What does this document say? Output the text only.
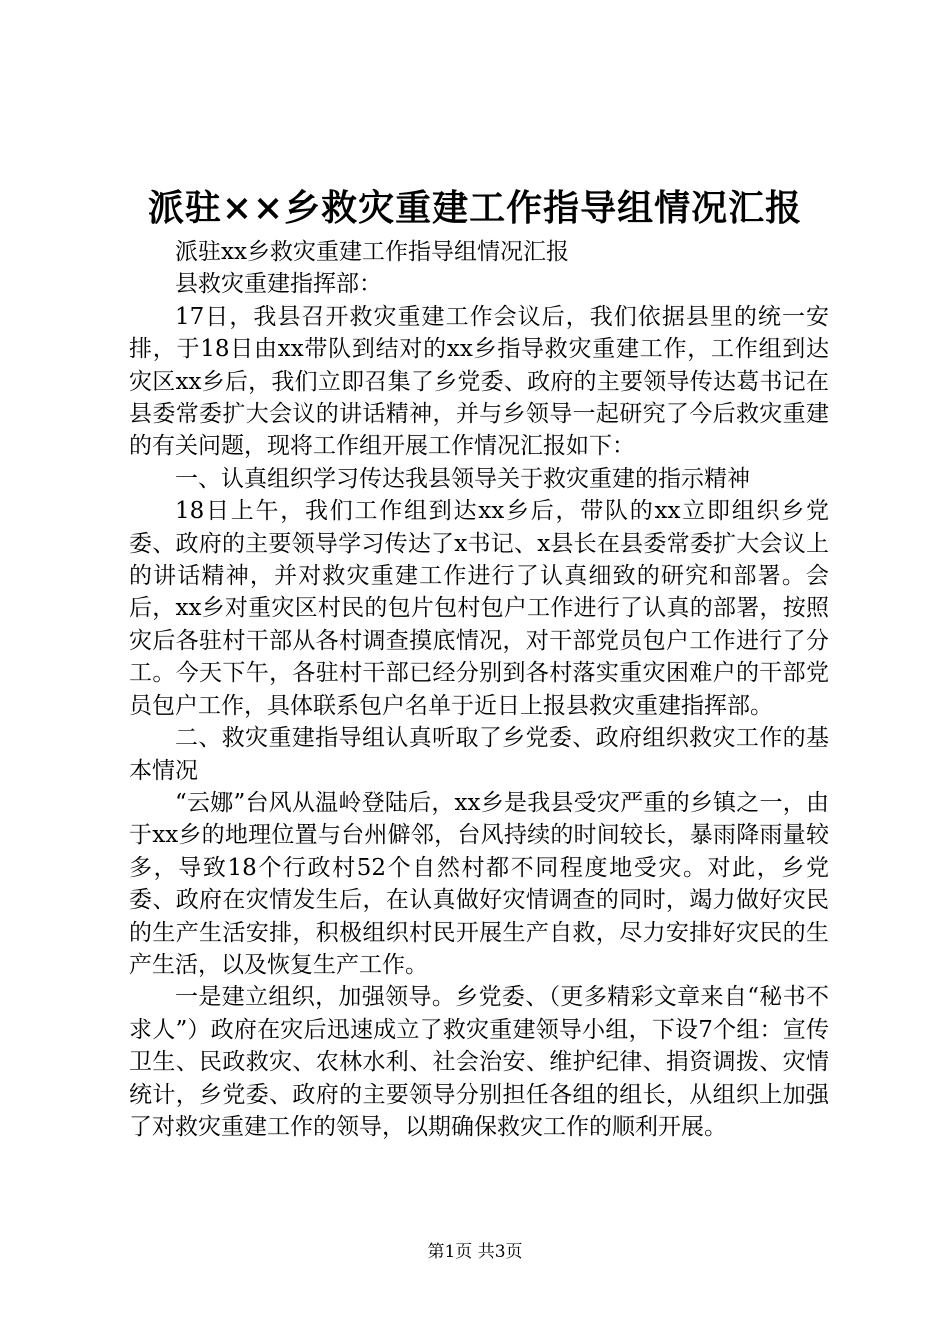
派驻××乡救灾重建工作指导组情况汇报

派驻xx乡救灾重建工作指导组情况汇报

县救灾重建指挥部：

17日，我县召开救灾重建工作会议后，我们依据县里的统一安排，于18日由xx带队到结对的xx乡指导救灾重建工作，工作组到达灾区xx乡后，我们立即召集了乡党委、政府的主要领导传达葛书记在县委常委扩大会议的讲话精神，并与乡领导一起研究了今后救灾重建的有关问题，现将工作组开展工作情况汇报如下：

一、认真组织学习传达我县领导关于救灾重建的指示精神

18日上午，我们工作组到达xx乡后，带队的xx立即组织乡党委、政府的主要领导学习传达了x书记、x县长在县委常委扩大会议上的讲话精神，并对救灾重建工作进行了认真细致的研究和部署。会后，xx乡对重灾区村民的包片包村包户工作进行了认真的部署，按照灾后各驻村干部从各村调查摸底情况，对干部党员包户工作进行了分工。今天下午，各驻村干部已经分别到各村落实重灾困难户的干部党员包户工作，具体联系包户名单于近日上报县救灾重建指挥部。

二、救灾重建指导组认真听取了乡党委、政府组织救灾工作的基本情况

“云娜”台风从温岭登陆后，xx乡是我县受灾严重的乡镇之一，由于xx乡的地理位置与台州僻邻，台风持续的时间较长，暴雨降雨量较多，导致18个行政村52个自然村都不同程度地受灾。对此，乡党委、政府在灾情发生后，在认真做好灾情调查的同时，竭力做好灾民的生产生活安排，积极组织村民开展生产自救，尽力安排好灾民的生产生活，以及恢复生产工作。

一是建立组织，加强领导。乡党委、（更多精彩文章来自“秘书不求人”）政府在灾后迅速成立了救灾重建领导小组，下设7个组：宣传卫生、民政救灾、农林水利、社会治安、维护纪律、捐资调拨、灾情统计，乡党委、政府的主要领导分别担任各组的组长，从组织上加强了对救灾重建工作的领导，以期确保救灾工作的顺利开展。

第1页 共3页
